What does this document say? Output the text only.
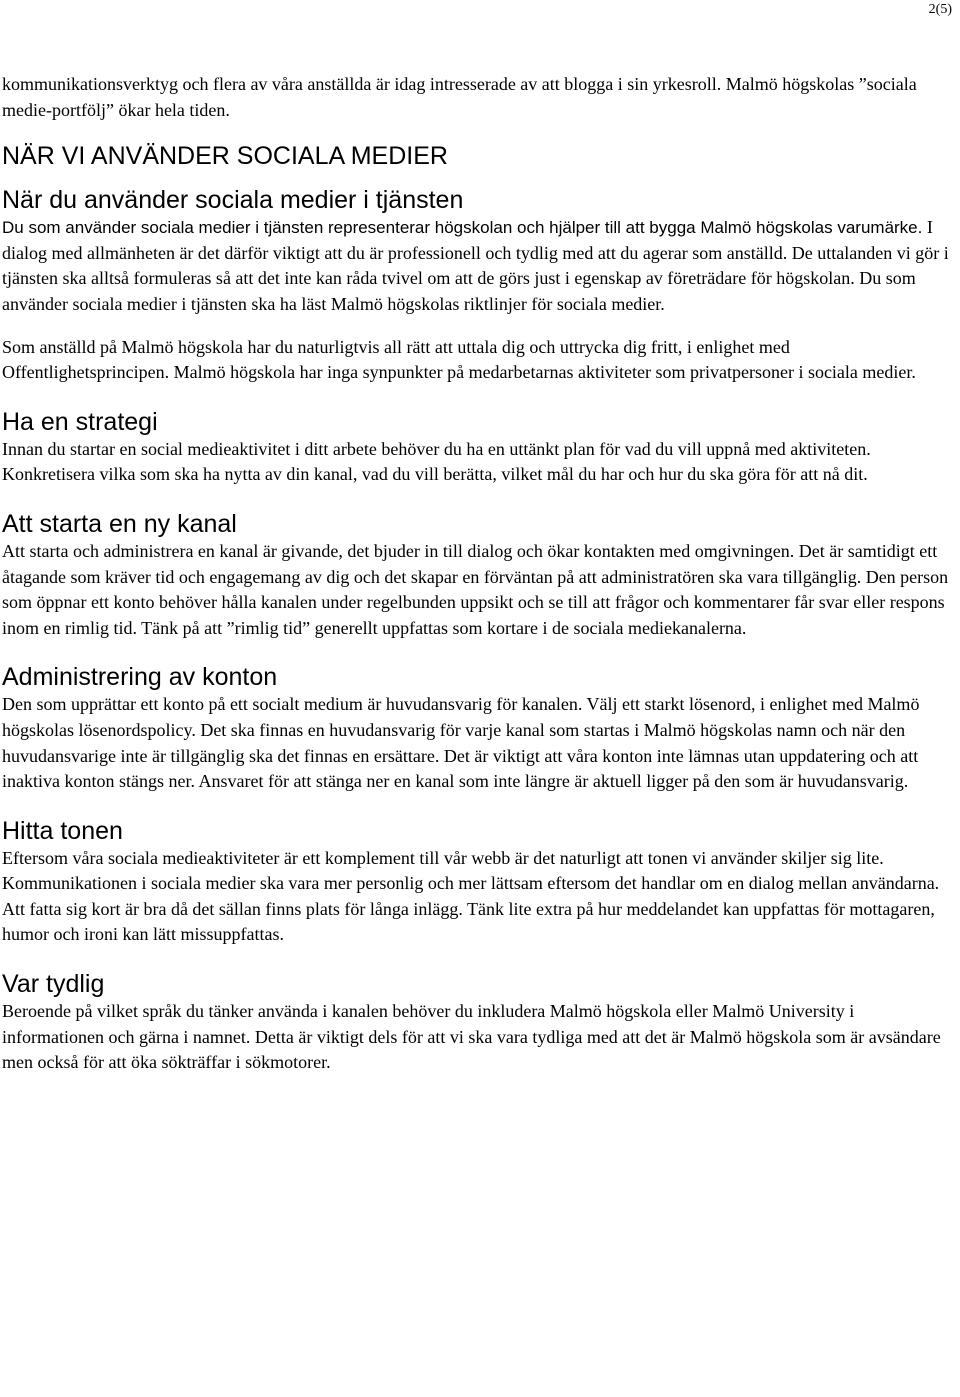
2(5)

kommunikationsverktyg och flera av våra anställda är idag intresserade av att blogga i sin yrkesroll. Malmö högskolas ”sociala medie-portfölj” ökar hela tiden.

NÄR VI ANVÄNDER SOCIALA MEDIER
När du använder sociala medier i tjänsten

Du som använder sociala medier i tjänsten representerar högskolan och hjälper till att bygga Malmö högskolas varumärke. I dialog med allmänheten är det därför viktigt att du är professionell och tydlig med att du agerar som anställd. De uttalanden vi gör i tjänsten ska alltså formuleras så att det inte kan råda tvivel om att de görs just i egenskap av företrädare för högskolan. Du som använder sociala medier i tjänsten ska ha läst Malmö högskolas riktlinjer för sociala medier.

Som anställd på Malmö högskola har du naturligtvis all rätt att uttala dig och uttrycka dig fritt, i enlighet med Offentlighetsprincipen. Malmö högskola har inga synpunkter på medarbetarnas aktiviteter som privatpersoner i sociala medier.

Ha en strategi

Innan du startar en social medieaktivitet i ditt arbete behöver du ha en uttänkt plan för vad du vill uppnå med aktiviteten. Konkretisera vilka som ska ha nytta av din kanal, vad du vill berätta, vilket mål du har och hur du ska göra för att nå dit.

Att starta en ny kanal

Att starta och administrera en kanal är givande, det bjuder in till dialog och ökar kontakten med omgivningen. Det är samtidigt ett åtagande som kräver tid och engagemang av dig och det skapar en förväntan på att administratören ska vara tillgänglig. Den person som öppnar ett konto behöver hålla kanalen under regelbunden uppsikt och se till att frågor och kommentarer får svar eller respons inom en rimlig tid. Tänk på att ”rimlig tid” generellt uppfattas som kortare i de sociala mediekanalerna.

Administrering av konton

Den som upprättar ett konto på ett socialt medium är huvudansvarig för kanalen. Välj ett starkt lösenord, i enlighet med Malmö högskolas lösenordspolicy. Det ska finnas en huvudansvarig för varje kanal som startas i Malmö högskolas namn och när den huvudansvarige inte är tillgänglig ska det finnas en ersättare. Det är viktigt att våra konton inte lämnas utan uppdatering och att inaktiva konton stängs ner. Ansvaret för att stänga ner en kanal som inte längre är aktuell ligger på den som är huvudansvarig.

Hitta tonen

Eftersom våra sociala medieaktiviteter är ett komplement till vår webb är det naturligt att tonen vi använder skiljer sig lite. Kommunikationen i sociala medier ska vara mer personlig och mer lättsam eftersom det handlar om en dialog mellan användarna. Att fatta sig kort är bra då det sällan finns plats för långa inlägg. Tänk lite extra på hur meddelandet kan uppfattas för mottagaren, humor och ironi kan lätt missuppfattas.

Var tydlig

Beroende på vilket språk du tänker använda i kanalen behöver du inkludera Malmö högskola eller Malmö University i informationen och gärna i namnet. Detta är viktigt dels för att vi ska vara tydliga med att det är Malmö högskola som är avsändare men också för att öka sökträffar i sökmotorer.
